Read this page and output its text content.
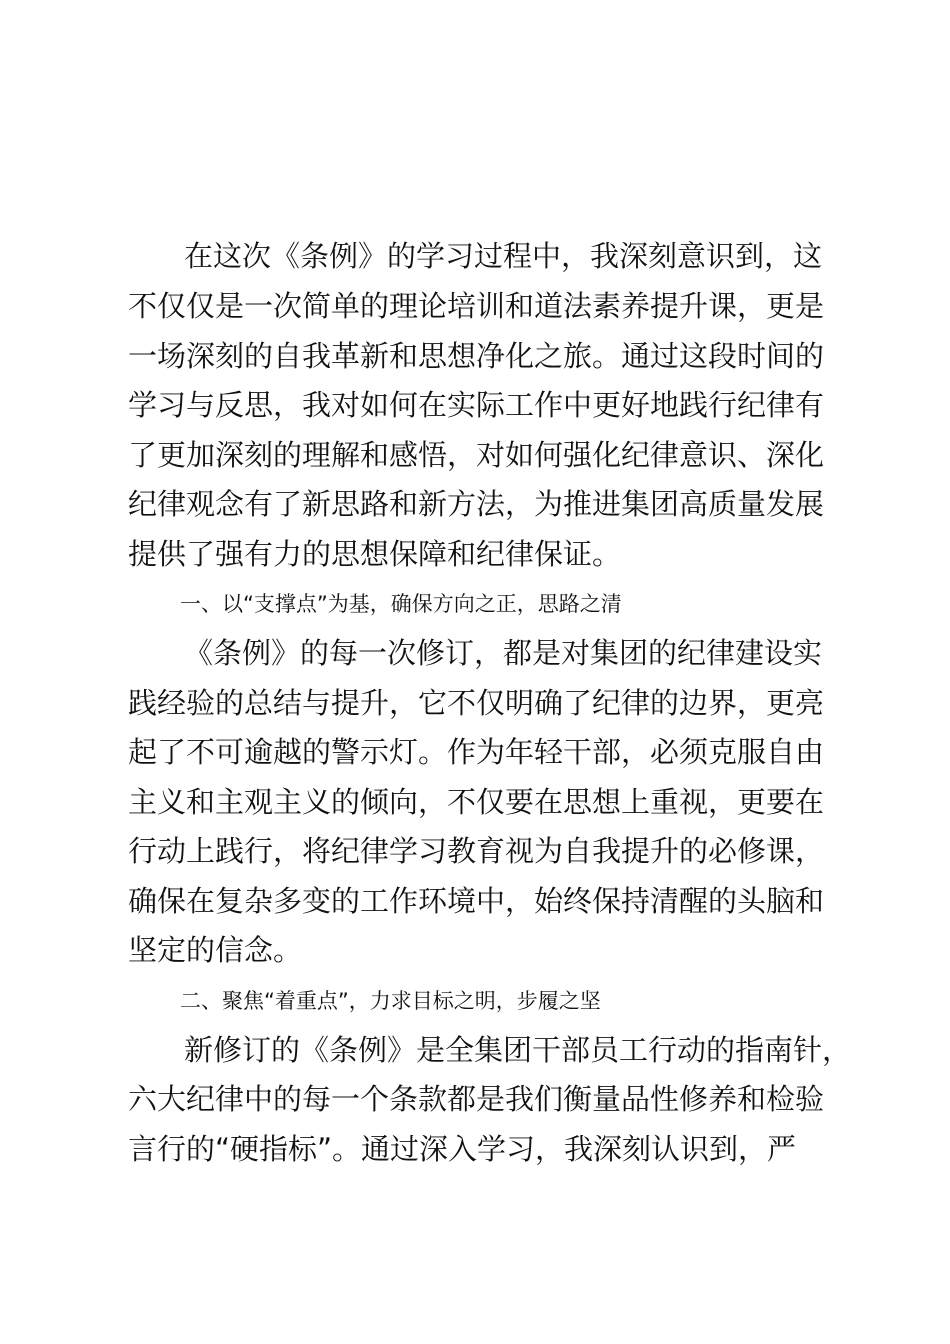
在这次《条例》的学习过程中，我深刻意识到，这
不仅仅是一次简单的理论培训和道法素养提升课，更是
一场深刻的自我革新和思想净化之旅。通过这段时间的
学习与反思，我对如何在实际工作中更好地践行纪律有
了更加深刻的理解和感悟，对如何强化纪律意识、深化
纪律观念有了新思路和新方法，为推进集团高质量发展
提供了强有力的思想保障和纪律保证。
一、以“支撑点”为基，确保方向之正，思路之清
《条例》的每一次修订，都是对集团的纪律建设实
践经验的总结与提升，它不仅明确了纪律的边界，更亮
起了不可逾越的警示灯。作为年轻干部，必须克服自由
主义和主观主义的倾向，不仅要在思想上重视，更要在
行动上践行，将纪律学习教育视为自我提升的必修课，
确保在复杂多变的工作环境中，始终保持清醒的头脑和
坚定的信念。
二、聚焦“着重点”，力求目标之明，步履之坚
新修订的《条例》是全集团干部员工行动的指南针，
六大纪律中的每一个条款都是我们衡量品性修养和检验
言行的“硬指标”。通过深入学习，我深刻认识到，严
